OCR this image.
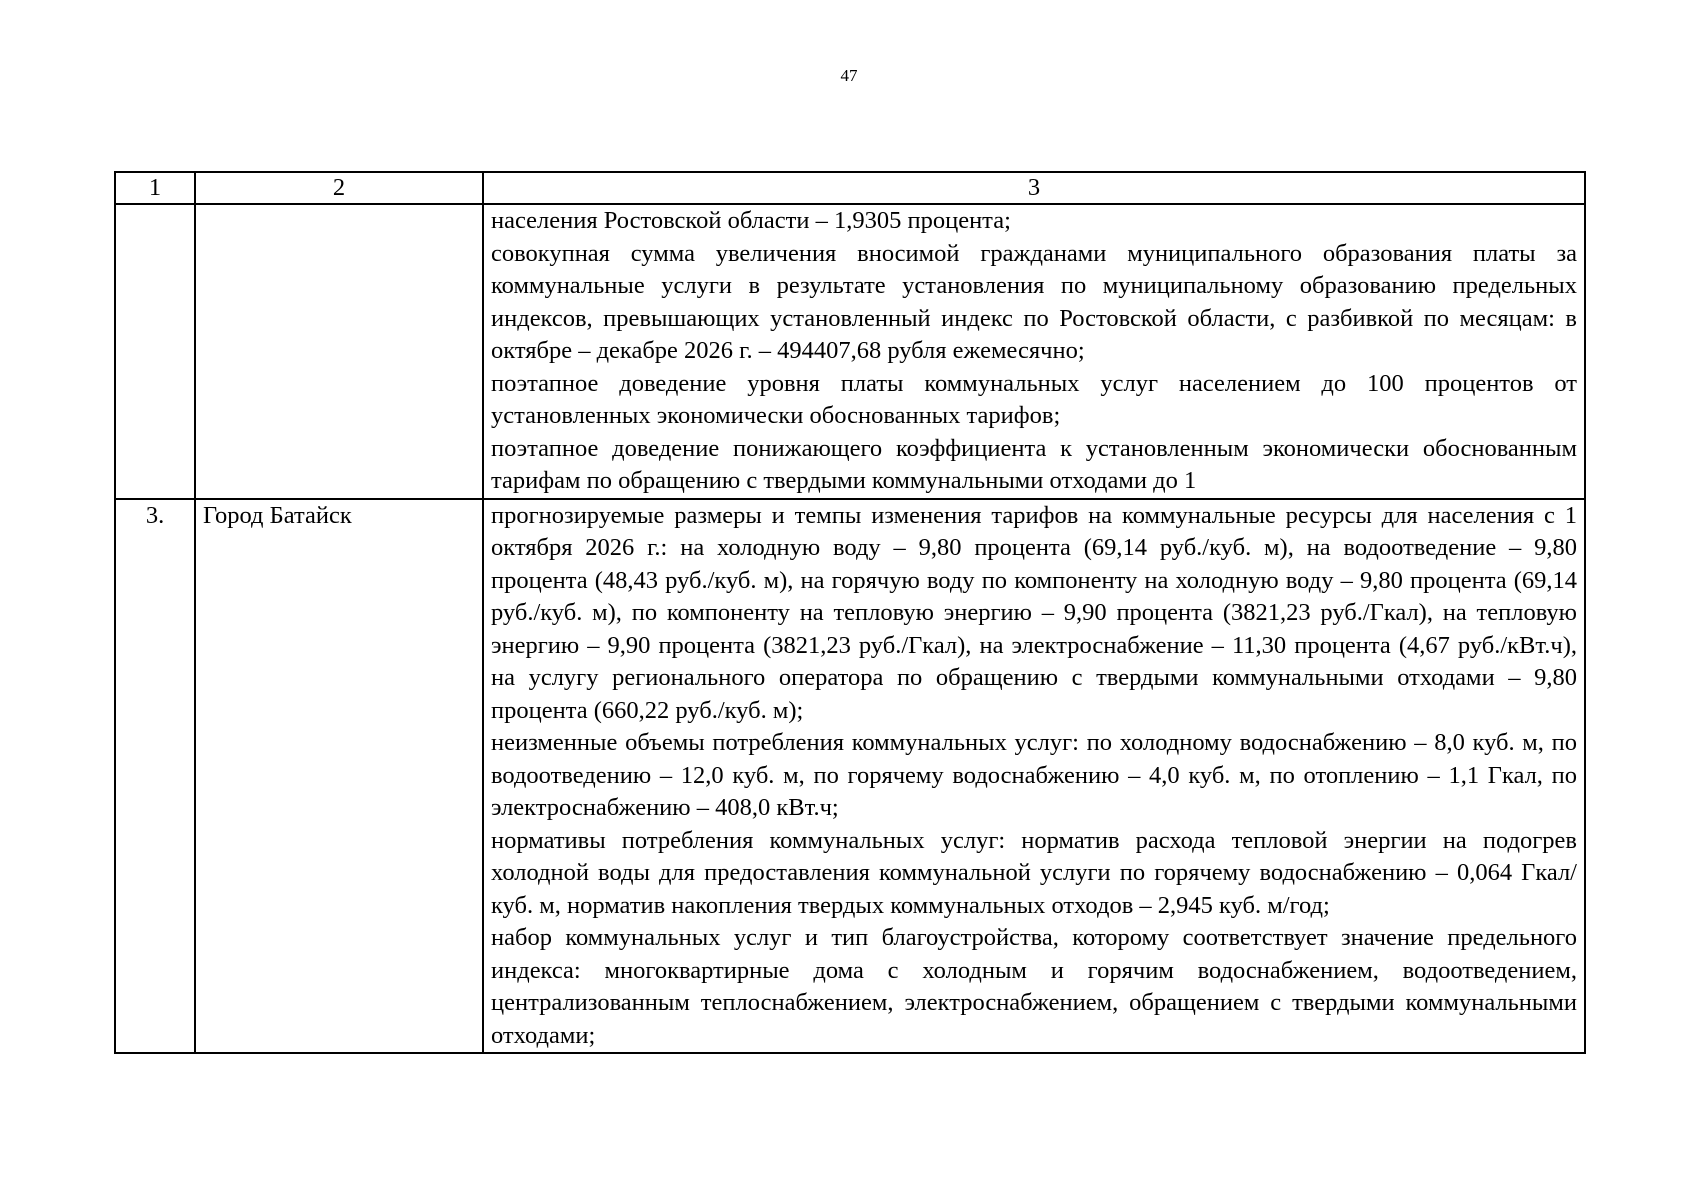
47
1	2	3

		населения Ростовской области – 1,9305 процента;
совокупная сумма увеличения вносимой гражданами муниципального образования платы за коммунальные услуги в результате установления по муниципальному образованию предельных индексов, превышающих установленный индекс по Ростовской области, с разбивкой по месяцам: в октябре – декабре 2026 г. – 494407,68 рубля ежемесячно;
поэтапное доведение уровня платы коммунальных услуг населением до 100 процентов от установленных экономически обоснованных тарифов;
поэтапное доведение понижающего коэффициента к установленным экономически обоснованным тарифам по обращению с твердыми коммунальными отходами до 1

3.	Город Батайск	прогнозируемые размеры и темпы изменения тарифов на коммунальные ресурсы для населения с 1 октября 2026 г.: на холодную воду – 9,80 процента (69,14 руб./куб. м), на водоотведение – 9,80 процента (48,43 руб./куб. м), на горячую воду по компоненту на холодную воду – 9,80 процента (69,14 руб./куб. м), по компоненту на тепловую энергию – 9,90 процента (3821,23 руб./Гкал), на тепловую энергию – 9,90 процента (3821,23 руб./Гкал), на электроснабжение – 11,30 процента (4,67 руб./кВт.ч), на услугу регионального оператора по обращению с твердыми коммунальными отходами – 9,80 процента (660,22 руб./куб. м);
неизменные объемы потребления коммунальных услуг: по холодному водоснабжению – 8,0 куб. м, по водоотведению – 12,0 куб. м, по горячему водоснабжению – 4,0 куб. м, по отоплению – 1,1 Гкал, по электроснабжению – 408,0 кВт.ч;
нормативы потребления коммунальных услуг: норматив расхода тепловой энергии на подогрев холодной воды для предоставления коммунальной услуги по горячему водоснабжению – 0,064 Гкал/куб. м, норматив накопления твердых коммунальных отходов – 2,945 куб. м/год;
набор коммунальных услуг и тип благоустройства, которому соответствует значение предельного индекса: многоквартирные дома с холодным и горячим водоснабжением, водоотведением, централизованным теплоснабжением, электроснабжением, обращением с твердыми коммунальными отходами;
